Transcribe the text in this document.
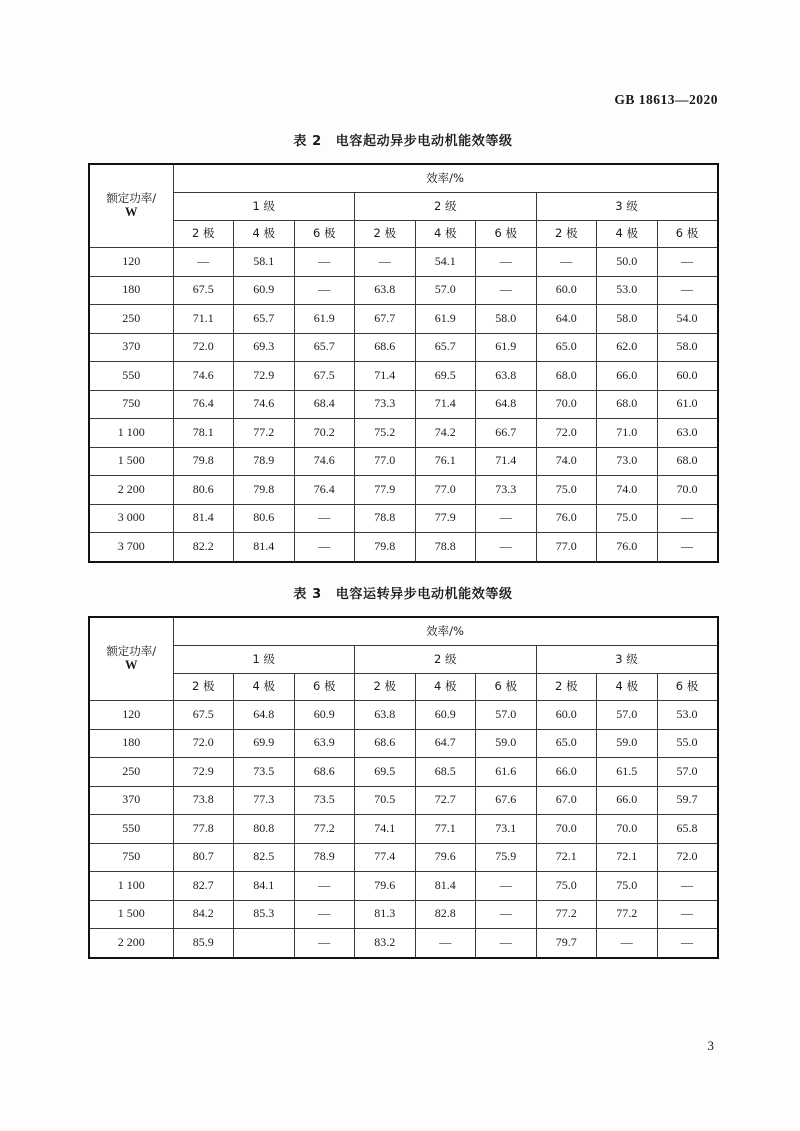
GB 18613—2020
表 2 电容起动异步电动机能效等级
额定功率/
W	效率/%								
	1 级			2 级			3 级		
	2 极	4 极	6 极	2 极	4 极	6 极	2 极	4 极	6 极
120	—	58.1	—	—	54.1	—	—	50.0	—
180	67.5	60.9	—	63.8	57.0	—	60.0	53.0	—
250	71.1	65.7	61.9	67.7	61.9	58.0	64.0	58.0	54.0
370	72.0	69.3	65.7	68.6	65.7	61.9	65.0	62.0	58.0
550	74.6	72.9	67.5	71.4	69.5	63.8	68.0	66.0	60.0
750	76.4	74.6	68.4	73.3	71.4	64.8	70.0	68.0	61.0
1 100	78.1	77.2	70.2	75.2	74.2	66.7	72.0	71.0	63.0
1 500	79.8	78.9	74.6	77.0	76.1	71.4	74.0	73.0	68.0
2 200	80.6	79.8	76.4	77.9	77.0	73.3	75.0	74.0	70.0
3 000	81.4	80.6	—	78.8	77.9	—	76.0	75.0	—
3 700	82.2	81.4	—	79.8	78.8	—	77.0	76.0	—
表 3 电容运转异步电动机能效等级
额定功率/
W	效率/%								
	1 级			2 级			3 级		
	2 极	4 极	6 极	2 极	4 极	6 极	2 极	4 极	6 极
120	67.5	64.8	60.9	63.8	60.9	57.0	60.0	57.0	53.0
180	72.0	69.9	63.9	68.6	64.7	59.0	65.0	59.0	55.0
250	72.9	73.5	68.6	69.5	68.5	61.6	66.0	61.5	57.0
370	73.8	77.3	73.5	70.5	72.7	67.6	67.0	66.0	59.7
550	77.8	80.8	77.2	74.1	77.1	73.1	70.0	70.0	65.8
750	80.7	82.5	78.9	77.4	79.6	75.9	72.1	72.1	72.0
1 100	82.7	84.1	—	79.6	81.4	—	75.0	75.0	—
1 500	84.2	85.3	—	81.3	82.8	—	77.2	77.2	—
2 200	85.9		—	83.2	—	—	79.7	—	—
3
